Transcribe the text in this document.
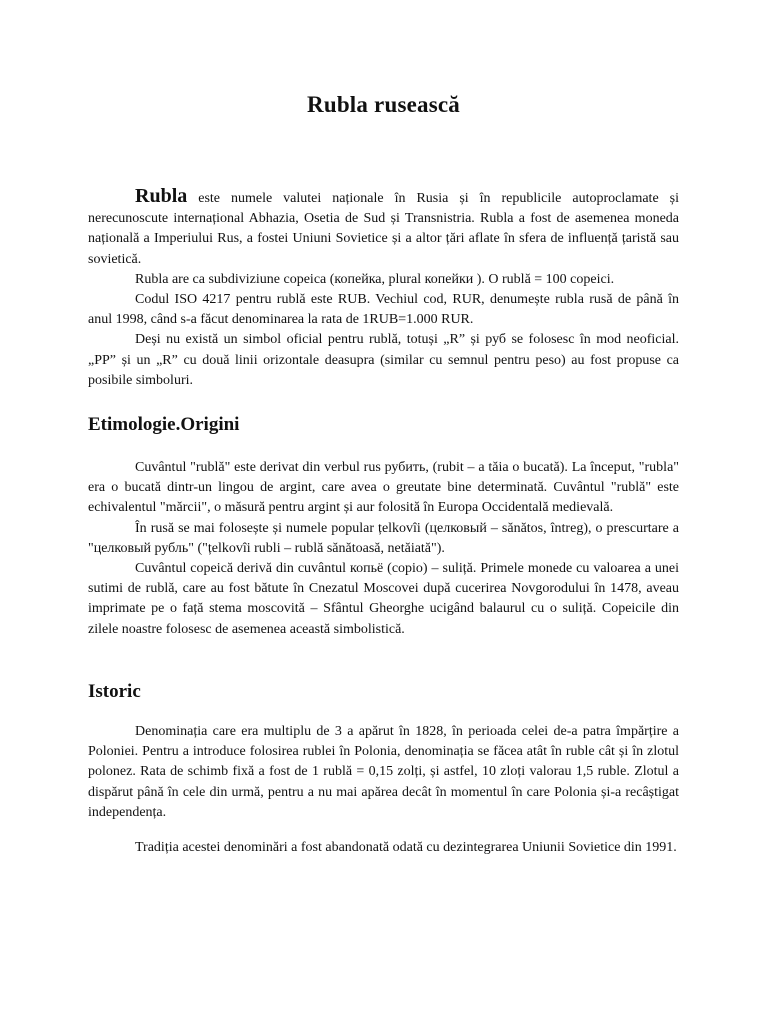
Rubla rusească

Rubla este numele valutei naționale în Rusia și în republicile autoproclamate și nerecunoscute internațional Abhazia, Osetia de Sud și Transnistria. Rubla a fost de asemenea moneda națională a Imperiului Rus, a fostei Uniuni Sovietice și a altor țări aflate în sfera de influență țaristă sau sovietică.

Rubla are ca subdiviziune copeica (копейка, plural копейки ). O rublă = 100 copeici.

Codul ISO 4217 pentru rublă este RUB. Vechiul cod, RUR, denumește rubla rusă de până în anul 1998, când s-a făcut denominarea la rata de 1RUB=1.000 RUR.

Deși nu există un simbol oficial pentru rublă, totuși „R” și руб se folosesc în mod neoficial. „PP” și un „R” cu două linii orizontale deasupra (similar cu semnul pentru peso) au fost propuse ca posibile simboluri.

Etimologie.Origini

Cuvântul "rublă" este derivat din verbul rus рубить, (rubit – a tăia o bucată). La început, "rubla" era o bucată dintr-un lingou de argint, care avea o greutate bine determinată. Cuvântul "rublă" este echivalentul "mărcii", o măsură pentru argint și aur folosită în Europa Occidentală medievală.

În rusă se mai folosește și numele popular țelkovîi (целковый – sănătos, întreg), o prescurtare a "целковый рубль" ("țelkovîi rubli – rublă sănătoasă, netăiată").

Cuvântul copeică derivă din cuvântul копьё (copio) – suliță. Primele monede cu valoarea a unei sutimi de rublă, care au fost bătute în Cnezatul Moscovei după cucerirea Novgorodului în 1478, aveau imprimate pe o față stema moscovită – Sfântul Gheorghe ucigând balaurul cu o suliță. Copeicile din zilele noastre folosesc de asemenea această simbolistică.

Istoric

Denominația care era multiplu de 3 a apărut în 1828, în perioada celei de-a patra împărțire a Poloniei. Pentru a introduce folosirea rublei în Polonia, denominația se făcea atât în ruble cât și în zlotul polonez. Rata de schimb fixă a fost de 1 rublă = 0,15 zolți, și astfel, 10 zloți valorau 1,5 ruble. Zlotul a dispărut până în cele din urmă, pentru a nu mai apărea decât în momentul în care Polonia și-a recâștigat independența.

Tradiția acestei denominări a fost abandonată odată cu dezintegrarea Uniunii Sovietice din 1991.
